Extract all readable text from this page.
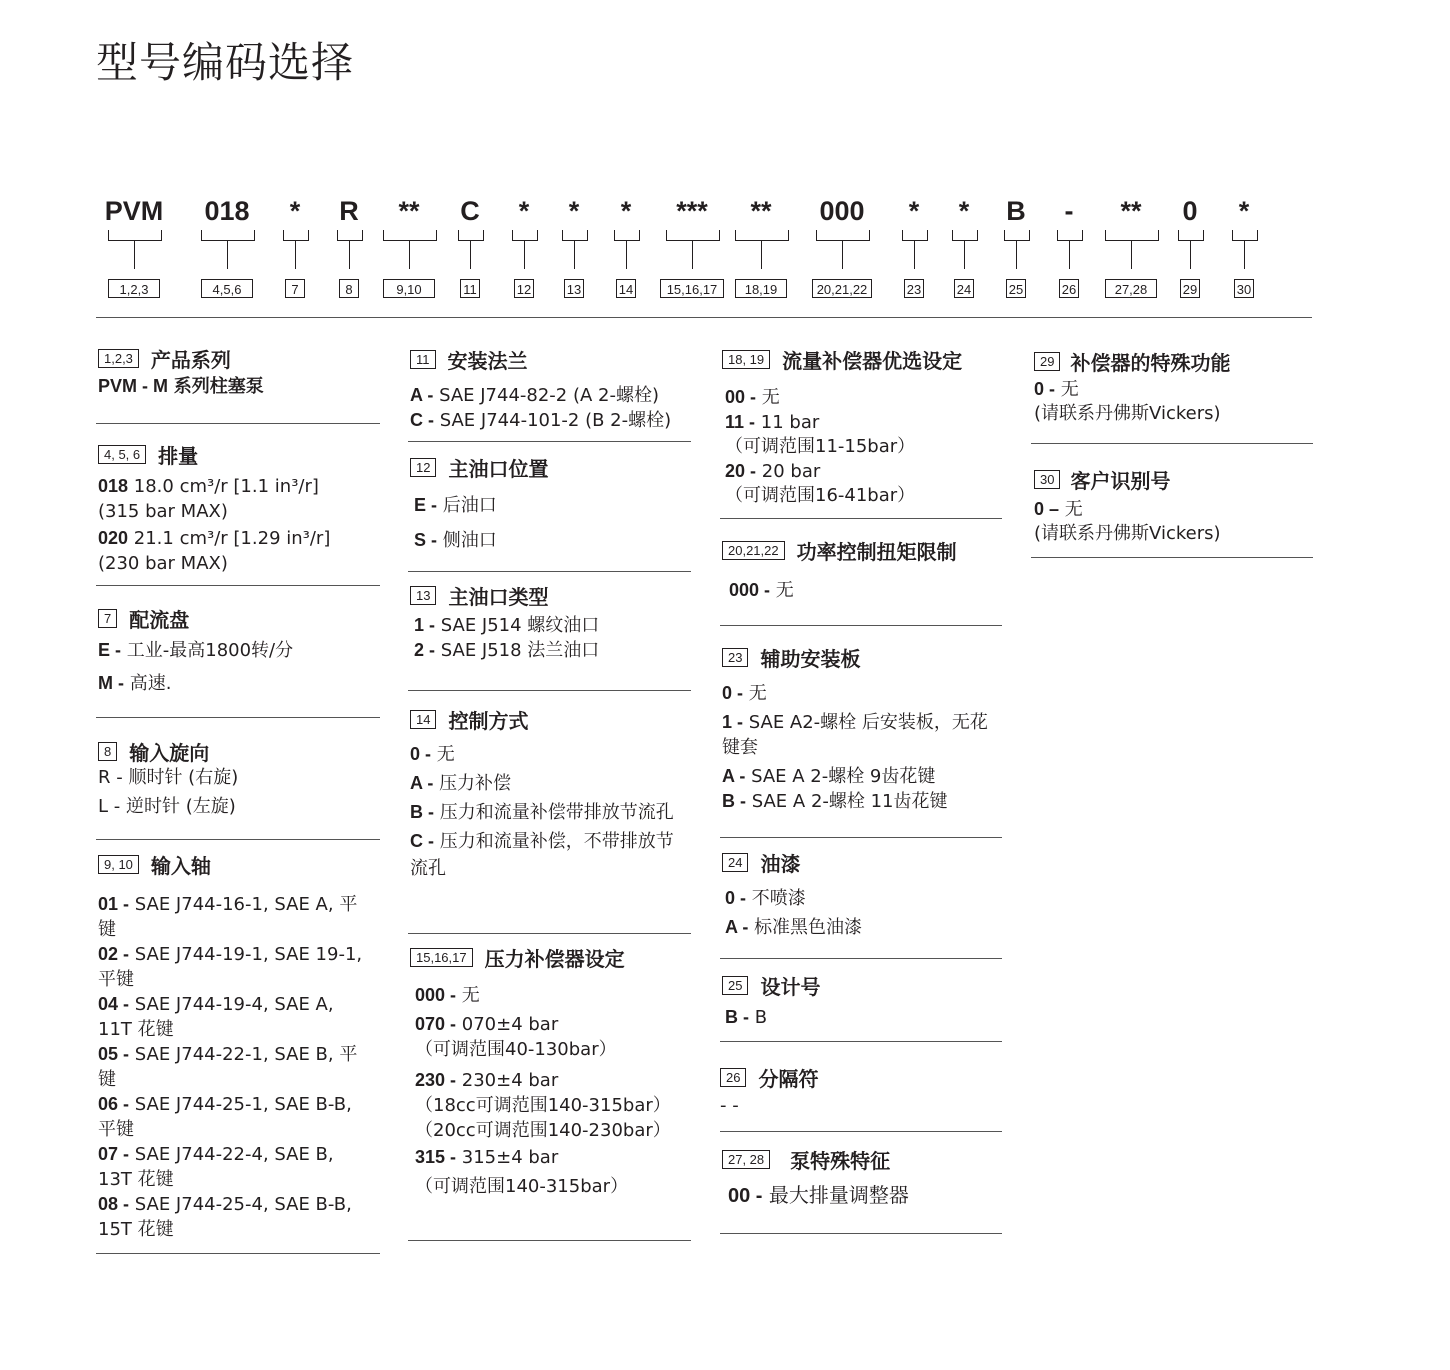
型号编码选择
PVM
1,2,3
018
4,5,6
*
7
R
8
**
9,10
C
11
*
12
*
13
*
14
***
15,16,17
**
18,19
000
20,21,22
*
23
*
24
B
25
-
26
**
27,28
0
29
*
30
1,2,3 产品系列
PVM - M 系列柱塞泵
4, 5, 6 排量
018 18.0 cm³/r [1.1 in³/r]
(315 bar MAX)
020 21.1 cm³/r [1.29 in³/r]
(230 bar MAX)
7 配流盘
E - 工业-最高1800转/分
M - 高速.
8 输入旋向
R - 顺时针 (右旋)
L - 逆时针 (左旋)
9, 10 输入轴
01 - SAE J744-16-1, SAE A, 平键
02 - SAE J744-19-1, SAE 19-1, 平键
04 - SAE J744-19-4, SAE A, 11T 花键
05 - SAE J744-22-1, SAE B, 平键
06 - SAE J744-25-1, SAE B-B, 平键
07 - SAE J744-22-4, SAE B, 13T 花键
08 - SAE J744-25-4, SAE B-B, 15T 花键
11 安装法兰
A - SAE J744-82-2 (A 2-螺栓)
C - SAE J744-101-2 (B 2-螺栓)
12 主油口位置
E - 后油口
S - 侧油口
13 主油口类型
1 - SAE J514 螺纹油口
2 - SAE J518 法兰油口
14 控制方式
0 - 无
A - 压力补偿
B - 压力和流量补偿带排放节流孔
C - 压力和流量补偿，不带排放节流孔
15,16,17 压力补偿器设定
000 - 无
070 - 070±4 bar
（可调范围40-130bar）
230 - 230±4 bar
（18cc可调范围140-315bar）
（20cc可调范围140-230bar）
315 - 315±4 bar
（可调范围140-315bar）
18, 19 流量补偿器优选设定
00 - 无
11 - 11 bar
（可调范围11-15bar）
20 - 20 bar
（可调范围16-41bar）
20,21,22 功率控制扭矩限制
000 - 无
23 辅助安装板
0 - 无
1 - SAE A2-螺栓 后安装板，无花键套
A - SAE A 2-螺栓 9齿花键
B - SAE A 2-螺栓 11齿花键
24 油漆
0 - 不喷漆
A - 标准黑色油漆
25 设计号
B - B
26 分隔符
- -
27, 28	泵特殊特征
00 - 最大排量调整器
29 补偿器的特殊功能
0 - 无
(请联系丹佛斯Vickers)
30 客户识别号
0 – 无
(请联系丹佛斯Vickers)
